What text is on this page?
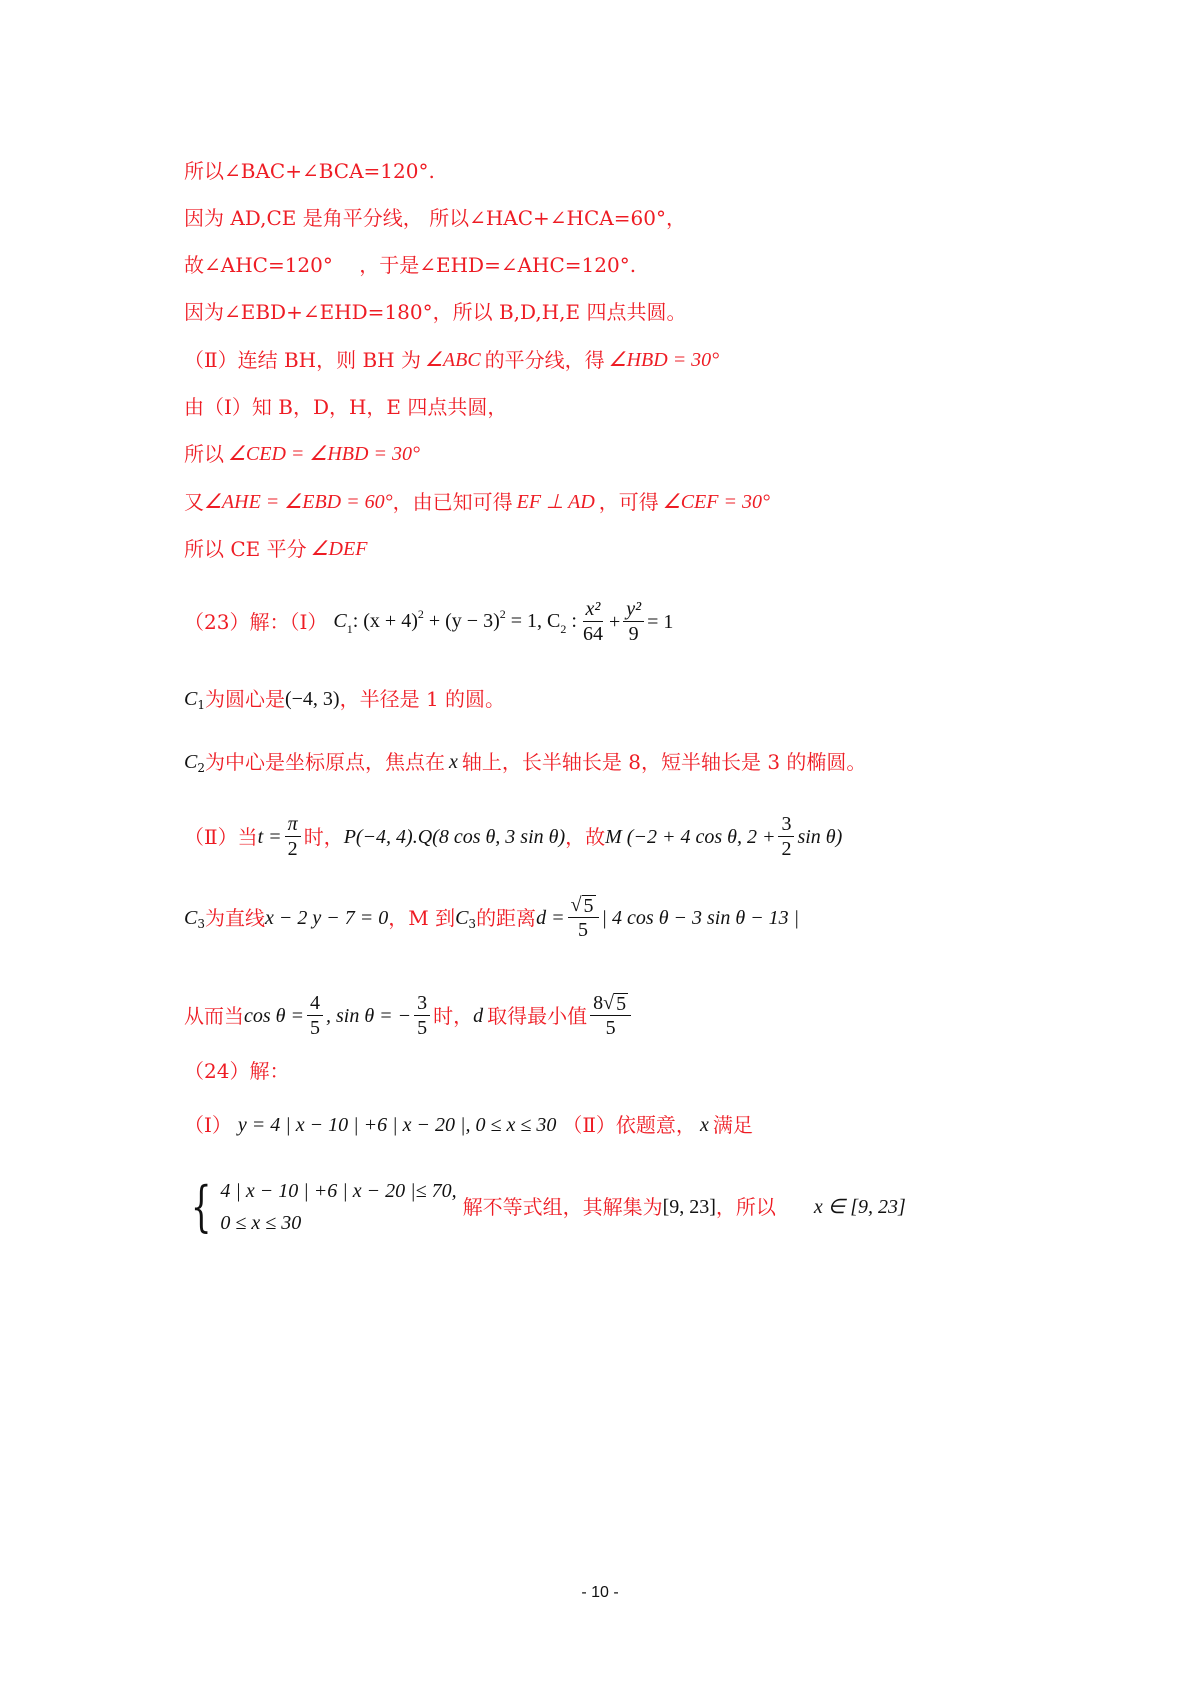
所以∠BAC+∠BCA=120°.
因为 AD,CE 是角平分线， 所以∠HAC+∠HCA=60°，
故∠AHC=120°　 ，于是∠EHD=∠AHC=120°.
因为∠EBD+∠EHD=180°，所以 B,D,H,E 四点共圆。
（Ⅱ）连结 BH，则 BH 为 ∠ABC 的平分线，得 ∠HBD = 30°
由（Ⅰ）知 B，D，H，E 四点共圆，
所以 ∠CED = ∠HBD = 30°
又 ∠AHE = ∠EBD = 60° ，由已知可得 EF ⊥ AD ，可得 ∠CEF = 30°
所以 CE 平分 ∠DEF
（23）解：（Ⅰ） $C_1$: $(x + 4)^2 + (y - 3)^2 = 1$, $C_2$ : $\frac{\text{x²}}{64} + \frac{\text{y²}}{9} = 1$
C 1 为圆心是 (−4, 3) ，半径是 1 的圆。
C 2 为中心是坐标原点，焦点在 x 轴上，长半轴长是 8，短半轴长是 3 的椭圆。
（Ⅱ）当 $t = \frac{\pi}{2}$ 时， P(−4, 4).Q(8 cos θ, 3 sin θ) ，故 M (−2 + 4 cos θ, $2 + \frac{3}{2}$ sin θ)
C 3 为直线 x − 2 y − 7 = 0 ，M 到 C 3 的距离 $d = \frac{√ 5}{5}$ | 4 cos θ − 3 sin θ − 13 |
从而当 $\cos \theta = \frac{4}{5}$ , sin θ = − $\frac{3}{5}$ 时， d 取得最小值 $\frac{8√ 5}{5}$
（24）解：
（Ⅰ） y = 4 | x − 10 | +6 | x − 20 |, 0 ≤ x ≤ 30 （Ⅱ）依题意， x 满足
{ 4 | x − 10 | +6 | x − 20 |≤ 70,
0 ≤ x ≤ 30
解不等式组，其解集为 [9, 23] ，所以 x ∈ [9, 23]
- 10 -
